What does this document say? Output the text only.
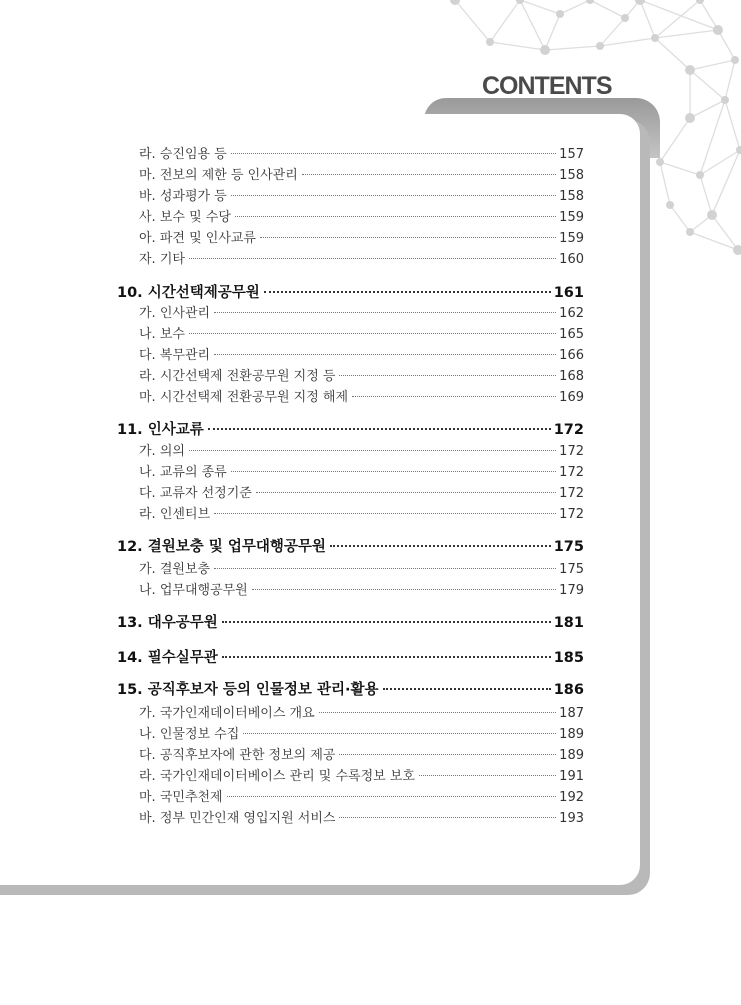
CONTENTS
라. 승진임용 등	157
마. 전보의 제한 등 인사관리	158
바. 성과평가 등	158
사. 보수 및 수당	159
아. 파견 및 인사교류	159
자. 기타	160
10. 시간선택제공무원	161
가. 인사관리	162
나. 보수	165
다. 복무관리	166
라. 시간선택제 전환공무원 지정 등	168
마. 시간선택제 전환공무원 지정 해제	169
11. 인사교류	172
가. 의의	172
나. 교류의 종류	172
다. 교류자 선정기준	172
라. 인센티브	172
12. 결원보충 및 업무대행공무원	175
가. 결원보충	175
나. 업무대행공무원	179
13. 대우공무원	181
14. 필수실무관	185
15. 공직후보자 등의 인물정보 관리·활용	186
가. 국가인재데이터베이스 개요	187
나. 인물정보 수집	189
다. 공직후보자에 관한 정보의 제공	189
라. 국가인재데이터베이스 관리 및 수록정보 보호	191
마. 국민추천제	192
바. 정부 민간인재 영입지원 서비스	193
